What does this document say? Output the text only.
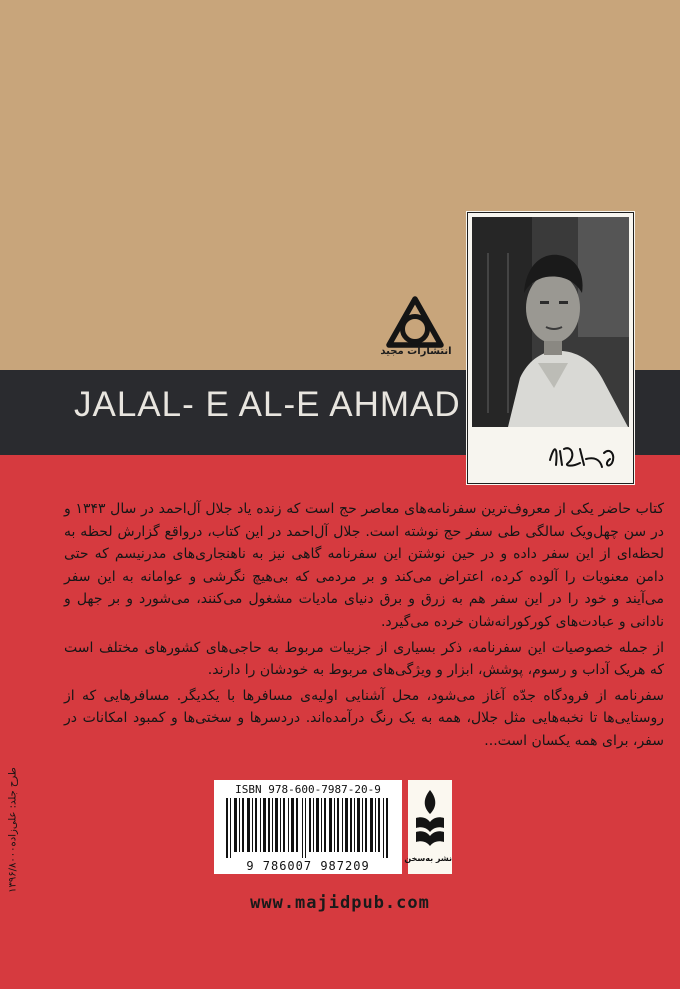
JALAL- E AL-E AHMAD
انتشارات مجید

کتاب حاضر یکی از معروف‌ترین سفرنامه‌های معاصر حج است که زنده یاد جلال آل‌احمد در سال ۱۳۴۳ و در سن چهل‌ویک سالگی طی سفر حج نوشته است. جلال آل‌احمد در این کتاب، درواقع گزارش لحظه به لحظه‌ای از این سفر داده و در حین نوشتن این سفرنامه گاهی نیز به ناهنجاری‌های مدرنیسم که حتی دامن معنویات را آلوده کرده، اعتراض می‌کند و بر مردمی که بی‌هیچ نگرشی و عوامانه به این سفر می‌آیند و خود را در این سفر هم به زرق و برق دنیای مادیات مشغول می‌کنند، می‌شورد و بر جهل و نادانی و عبادت‌های کورکورانه‌شان خرده می‌گیرد.

از جمله خصوصیات این سفرنامه، ذکر بسیاری از جزییات مربوط به حاجی‌های کشورهای مختلف است که هریک آداب و رسوم، پوشش، ابزار و ویژگی‌های مربوط به خودشان را دارند.

سفرنامه از فرودگاه جدّه آغاز می‌شود، محل آشنایی اولیه‌ی مسافرها با یکدیگر. مسافرهایی که از روستایی‌ها تا نخبه‌هایی مثل جلال، همه به یک رنگ درآمده‌اند. دردسرها و سختی‌ها و کمبود امکانات در سفر، برای همه یکسان است...

طرح جلد: علی‌زاده۱۳۹۶/۸۰۰۰	ISBN 978-600-7987-20-9
9 786007 987209
نشر به‌سخن
www.majidpub.com
